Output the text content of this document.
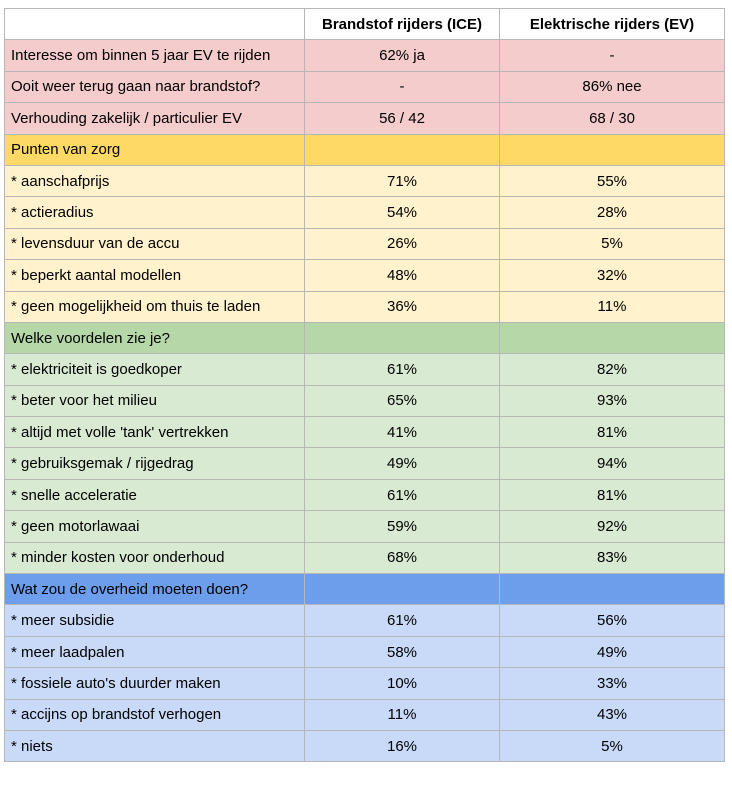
	Brandstof rijders (ICE)	Elektrische rijders (EV)
Interesse om binnen 5 jaar EV te rijden	62% ja	-
Ooit weer terug gaan naar brandstof?	-	86% nee
Verhouding zakelijk / particulier EV	56 / 42	68 / 30
Punten van zorg		
* aanschafprijs	71%	55%
* actieradius	54%	28%
* levensduur van de accu	26%	5%
* beperkt aantal modellen	48%	32%
* geen mogelijkheid om thuis te laden	36%	11%
Welke voordelen zie je?		
* elektriciteit is goedkoper	61%	82%
* beter voor het milieu	65%	93%
* altijd met volle 'tank' vertrekken	41%	81%
* gebruiksgemak / rijgedrag	49%	94%
* snelle acceleratie	61%	81%
* geen motorlawaai	59%	92%
* minder kosten voor onderhoud	68%	83%
Wat zou de overheid moeten doen?		
* meer subsidie	61%	56%
* meer laadpalen	58%	49%
* fossiele auto's duurder maken	10%	33%
* accijns op brandstof verhogen	11%	43%
* niets	16%	5%
